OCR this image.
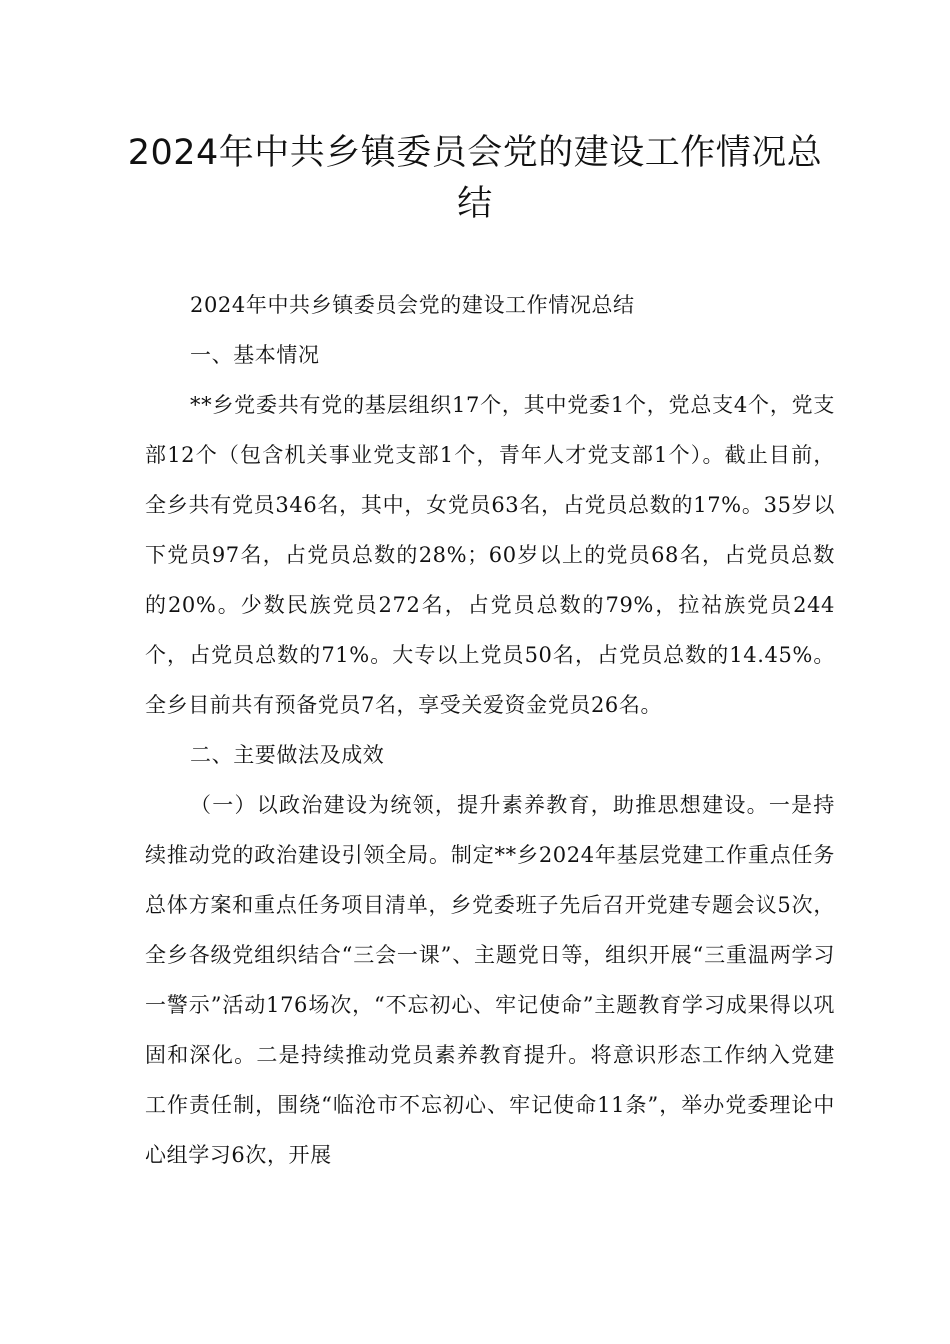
2024年中共乡镇委员会党的建设工作情况总结

2024年中共乡镇委员会党的建设工作情况总结

一、基本情况

**乡党委共有党的基层组织17个，其中党委1个，党总支4个，党支部12个（包含机关事业党支部1个，青年人才党支部1个）。截止目前，全乡共有党员346名，其中，女党员63名，占党员总数的17%。35岁以下党员97名，占党员总数的28%；60岁以上的党员68名，占党员总数的20%。少数民族党员272名，占党员总数的79%，拉祜族党员244个，占党员总数的71%。大专以上党员50名，占党员总数的14.45%。全乡目前共有预备党员7名，享受关爱资金党员26名。

二、主要做法及成效

（一）以政治建设为统领，提升素养教育，助推思想建设。一是持续推动党的政治建设引领全局。制定**乡2024年基层党建工作重点任务总体方案和重点任务项目清单，乡党委班子先后召开党建专题会议5次，全乡各级党组织结合“三会一课”、主题党日等，组织开展“三重温两学习一警示”活动176场次，“不忘初心、牢记使命”主题教育学习成果得以巩固和深化。二是持续推动党员素养教育提升。将意识形态工作纳入党建工作责任制，围绕“临沧市不忘初心、牢记使命11条”，举办党委理论中心组学习6次，开展
